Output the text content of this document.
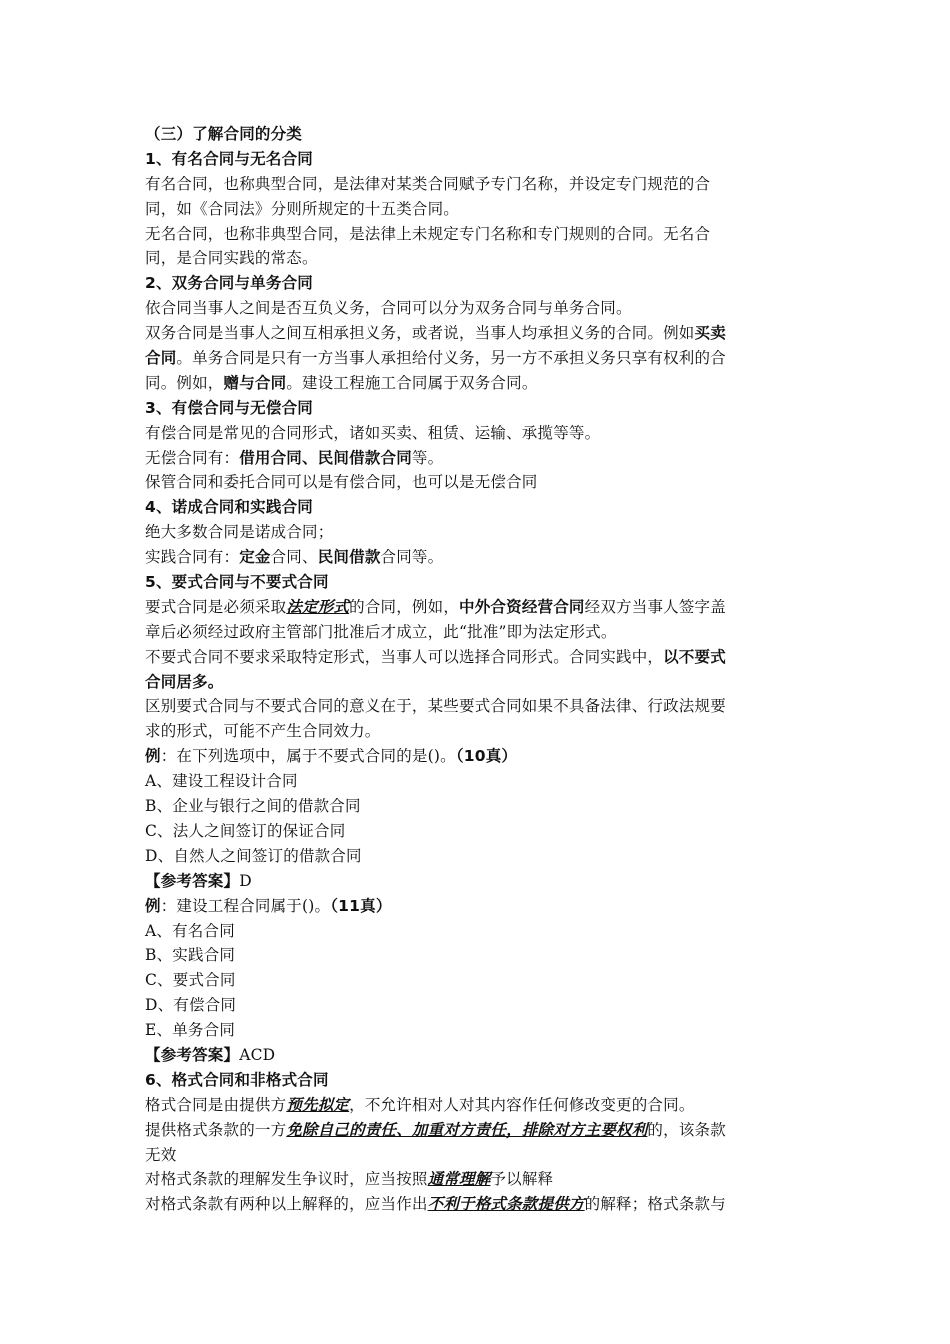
（三）了解合同的分类
1、有名合同与无名合同
有名合同，也称典型合同，是法律对某类合同赋予专门名称，并设定专门规范的合
同，如《合同法》分则所规定的十五类合同。
无名合同，也称非典型合同，是法律上未规定专门名称和专门规则的合同。无名合
同，是合同实践的常态。
2、双务合同与单务合同
依合同当事人之间是否互负义务，合同可以分为双务合同与单务合同。
双务合同是当事人之间互相承担义务，或者说，当事人均承担义务的合同。例如买卖
合同。单务合同是只有一方当事人承担给付义务，另一方不承担义务只享有权利的合
同。例如，赠与合同。建设工程施工合同属于双务合同。
3、有偿合同与无偿合同
有偿合同是常见的合同形式，诸如买卖、租赁、运输、承揽等等。
无偿合同有：借用合同、民间借款合同等。
保管合同和委托合同可以是有偿合同，也可以是无偿合同
4、诺成合同和实践合同
绝大多数合同是诺成合同；
实践合同有：定金合同、民间借款合同等。
5、要式合同与不要式合同
要式合同是必须采取法定形式的合同，例如，中外合资经营合同经双方当事人签字盖
章后必须经过政府主管部门批准后才成立，此“批准”即为法定形式。
不要式合同不要求采取特定形式，当事人可以选择合同形式。合同实践中，以不要式
合同居多。
区别要式合同与不要式合同的意义在于，某些要式合同如果不具备法律、行政法规要
求的形式，可能不产生合同效力。
例：在下列选项中，属于不要式合同的是()。（10真）
A、建设工程设计合同
B、企业与银行之间的借款合同
C、法人之间签订的保证合同
D、自然人之间签订的借款合同
【参考答案】D
例：建设工程合同属于()。（11真）
A、有名合同
B、实践合同
C、要式合同
D、有偿合同
E、单务合同
【参考答案】ACD
6、格式合同和非格式合同
格式合同是由提供方预先拟定，不允许相对人对其内容作任何修改变更的合同。
提供格式条款的一方免除自己的责任、加重对方责任，排除对方主要权利的，该条款
无效
对格式条款的理解发生争议时，应当按照通常理解予以解释
对格式条款有两种以上解释的，应当作出不利于格式条款提供方的解释；格式条款与
